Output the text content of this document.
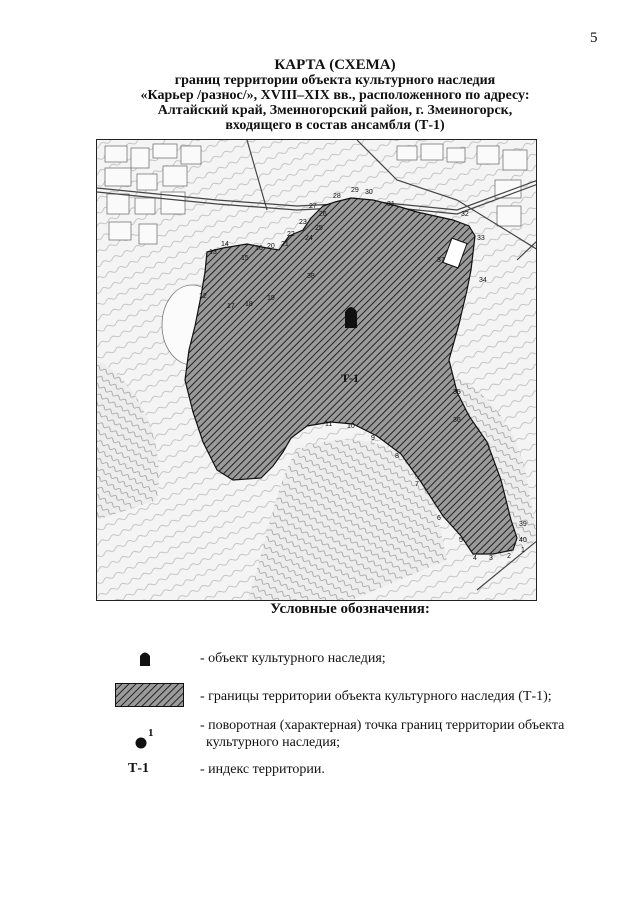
5
КАРТА (СХЕМА)
границ территории объекта культурного наследия
«Карьер /разнос/», XVIII–XIX вв., расположенного по адресу:
Алтайский край, Змеиногорский район, г. Змеиногорск,
входящего в состав ансамбля (Т-1)
1
2
3
4
5
6
7
8
9
10
11
12
13
14
15
16
17 18
19
20 21
22
23
24
25
26
27
28
29 30
31
32
33
34
35
36
37
38
39
40
Т-1
Условные обозначения:
- объект культурного наследия;
- границы территории объекта культурного наследия (Т-1);
1	- поворотная (характерная) точка границ территории объекта
культурного наследия;
Т-1	- индекс территории.
